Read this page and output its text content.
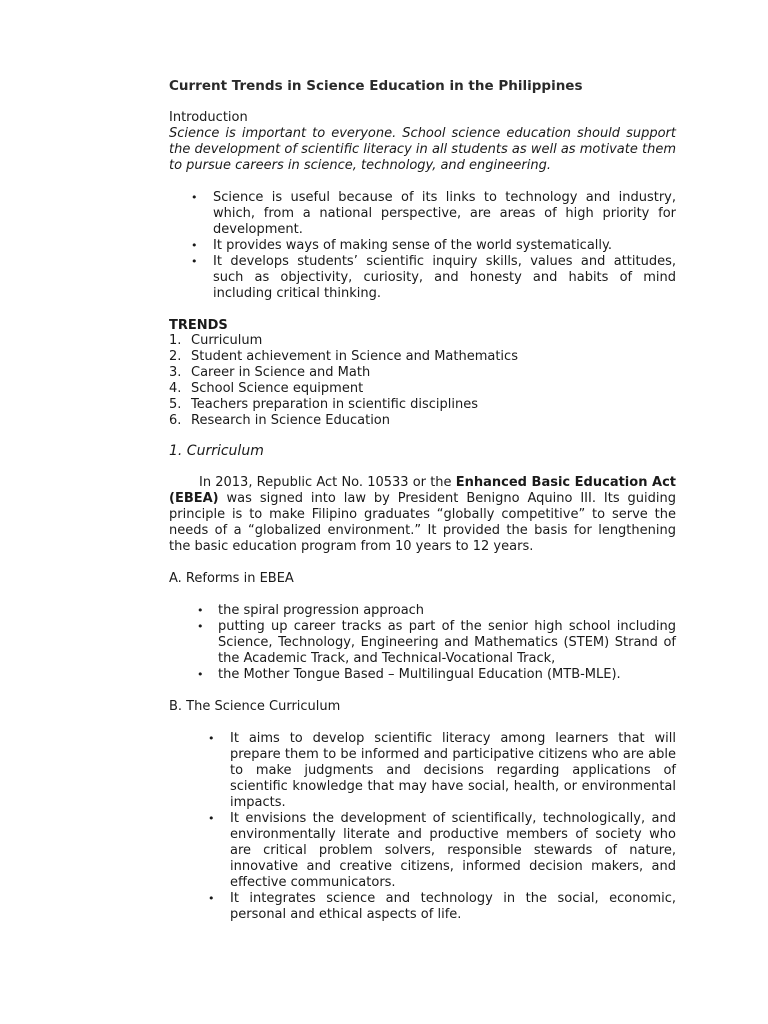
Current Trends in Science Education in the Philippines
Introduction

Science is important to everyone. School science education should support the development of scientific literacy in all students as well as motivate them to pursue careers in science, technology, and engineering.

• Science is useful because of its links to technology and industry, which, from a national perspective, are areas of high priority for development.
• It provides ways of making sense of the world systematically.
• It develops students’ scientific inquiry skills, values and attitudes, such as objectivity, curiosity, and honesty and habits of mind including critical thinking.
TRENDS
1. Curriculum
2. Student achievement in Science and Mathematics
3. Career in Science and Math
4. School Science equipment
5. Teachers preparation in scientific disciplines
6. Research in Science Education
1. Curriculum

In 2013, Republic Act No. 10533 or the Enhanced Basic Education Act (EBEA) was signed into law by President Benigno Aquino III. Its guiding principle is to make Filipino graduates “globally competitive” to serve the needs of a “globalized environment.” It provided the basis for lengthening the basic education program from 10 years to 12 years.

A. Reforms in EBEA
• the spiral progression approach
• putting up career tracks as part of the senior high school including Science, Technology, Engineering and Mathematics (STEM) Strand of the Academic Track, and Technical-Vocational Track,
• the Mother Tongue Based – Multilingual Education (MTB-MLE).
B. The Science Curriculum
• It aims to develop scientific literacy among learners that will prepare them to be informed and participative citizens who are able to make judgments and decisions regarding applications of scientific knowledge that may have social, health, or environmental impacts.
• It envisions the development of scientifically, technologically, and environmentally literate and productive members of society who are critical problem solvers, responsible stewards of nature, innovative and creative citizens, informed decision makers, and effective communicators.
• It integrates science and technology in the social, economic, personal and ethical aspects of life.
